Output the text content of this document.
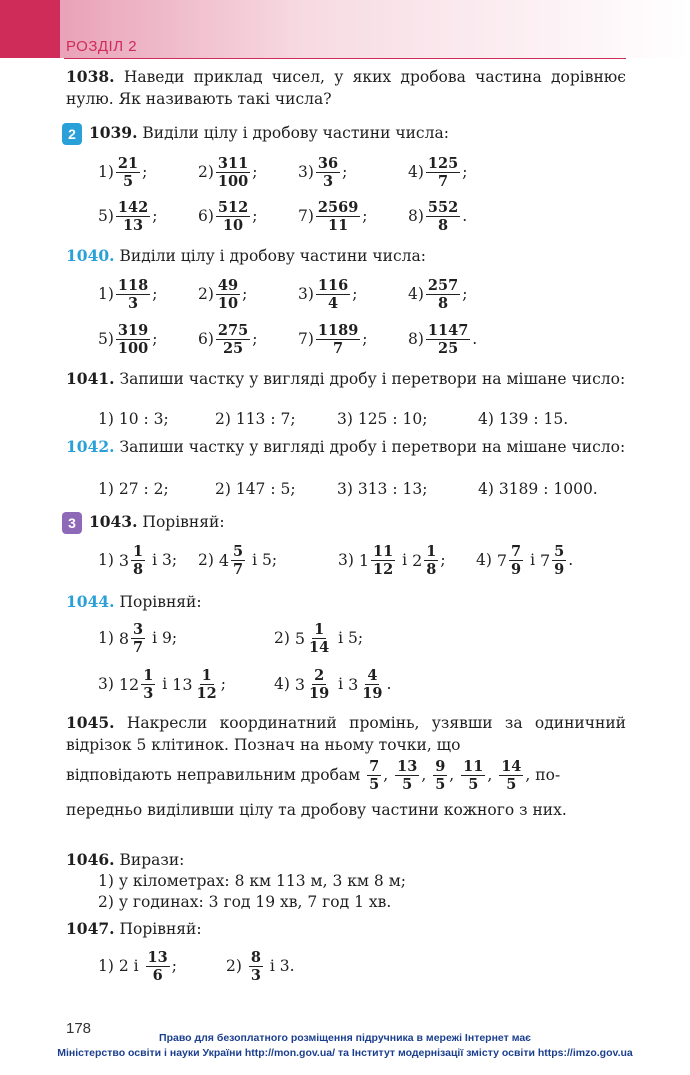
РОЗДІЛ 2
1038. Наведи приклад чисел, у яких дробова частина дорівнює нулю. Як називають такі числа?
2 1039. Виділи цілу і дробову частини числа:
$1) \frac{21}{5}$ ;	$2) \frac{311}{100}$ ;	$3) \frac{36}{3}$ ;	$4) \frac{125}{7}$ ;
$5) \frac{142}{13}$ ;	$6) \frac{512}{10}$ ;	$7) \frac{2569}{11}$ ;	$8) \frac{552}{8}$ .
1040. Виділи цілу і дробову частини числа:
$1) \frac{118}{3}$ ;	$2) \frac{49}{10}$ ;	$3) \frac{116}{4}$ ;	$4) \frac{257}{8}$ ;
$5) \frac{319}{100}$ ;	$6) \frac{275}{25}$ ;	$7) \frac{1189}{7}$ ;	$8) \frac{1147}{25}$ .
1041. Запиши частку у вигляді дробу і перетвори на мішане число:
1) 10 : 3;	2) 113 : 7;	3) 125 : 10;	4) 139 : 15.
1042. Запиши частку у вигляді дробу і перетвори на мішане число:
1) 27 : 2;	2) 147 : 5;	3) 313 : 13;	4) 3189 : 1000.
3 1043. Порівняй:
1)
$3 \frac{1}{8}$
і 3; 2)
$4 \frac{5}{7}$
і 5;	3)
$1 \frac{11}{12}$
і
$2 \frac{1}{8}$ ; 4)
$7 \frac{7}{9}$
і
$7 \frac{5}{9}$ .
1044. Порівняй:
1)
$8 \frac{3}{7}$
і 9;	2)
$5 \frac{1}{14}$
і 5;
3)
$12 \frac{1}{3}$
і
$13 \frac{1}{12}$ ;	4)
$3 \frac{2}{19}$
і
$3 \frac{4}{19}$ .
1045. Накресли координатний промінь, узявши за одиничний відрізок 5 клітинок. Познач на ньому точки, що
відповідають неправильним дробам
$\frac{7}{5}$ ,
$\frac{13}{5}$ ,
$\frac{9}{5}$ ,
$\frac{11}{5}$ ,
$\frac{14}{5}$ ,
по-
передньо виділивши цілу та дробову частини кожного з них.
1046. Вирази:
1) у кілометрах: 8 км 113 м, 3 км 8 м;
2) у годинах: 3 год 19 хв, 7 год 1 хв.
1047. Порівняй:
1)
2 і
$\frac{13}{6}$ ;	2)
$\frac{8}{3}$
і 3.
178
Право для безоплатного розміщення підручника в мережі Інтернет має
Міністерство освіти і науки України http://mon.gov.ua/ та Інститут модернізації змісту освіти https://imzo.gov.ua
